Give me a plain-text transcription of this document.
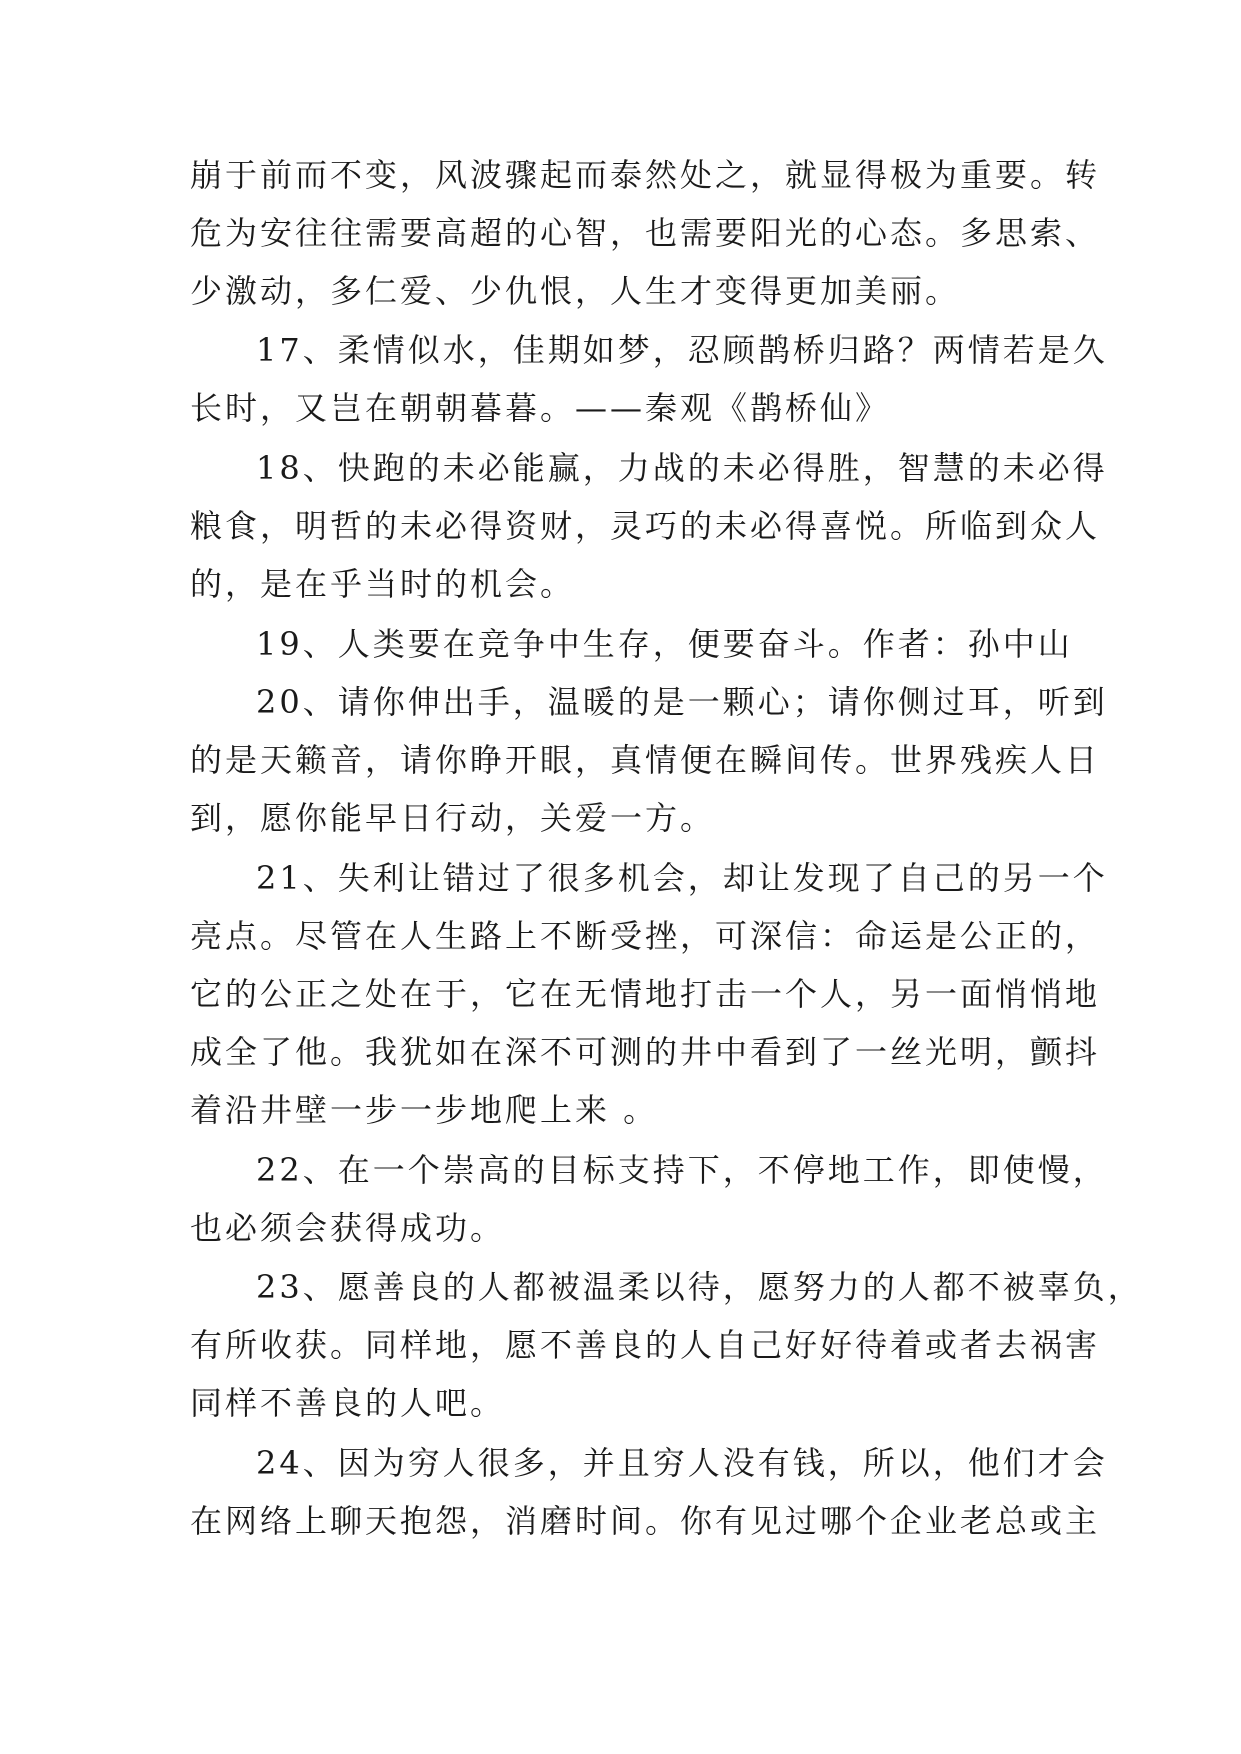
崩于前而不变，风波骤起而泰然处之，就显得极为重要。转
危为安往往需要高超的心智，也需要阳光的心态。多思索、
少激动，多仁爱、少仇恨，人生才变得更加美丽。
17、柔情似水，佳期如梦，忍顾鹊桥归路？两情若是久
长时，又岂在朝朝暮暮。——秦观《鹊桥仙》
18、快跑的未必能赢，力战的未必得胜，智慧的未必得
粮食，明哲的未必得资财，灵巧的未必得喜悦。所临到众人
的，是在乎当时的机会。
19、人类要在竞争中生存，便要奋斗。作者：孙中山
20、请你伸出手，温暖的是一颗心；请你侧过耳，听到
的是天籁音，请你睁开眼，真情便在瞬间传。世界残疾人日
到，愿你能早日行动，关爱一方。
21、失利让错过了很多机会，却让发现了自己的另一个
亮点。尽管在人生路上不断受挫，可深信：命运是公正的，
它的公正之处在于，它在无情地打击一个人，另一面悄悄地
成全了他。我犹如在深不可测的井中看到了一丝光明，颤抖
着沿井壁一步一步地爬上来 。
22、在一个崇高的目标支持下，不停地工作，即使慢，
也必须会获得成功。
23、愿善良的人都被温柔以待，愿努力的人都不被辜负，
有所收获。同样地，愿不善良的人自己好好待着或者去祸害
同样不善良的人吧。
24、因为穷人很多，并且穷人没有钱，所以，他们才会
在网络上聊天抱怨，消磨时间。你有见过哪个企业老总或主
